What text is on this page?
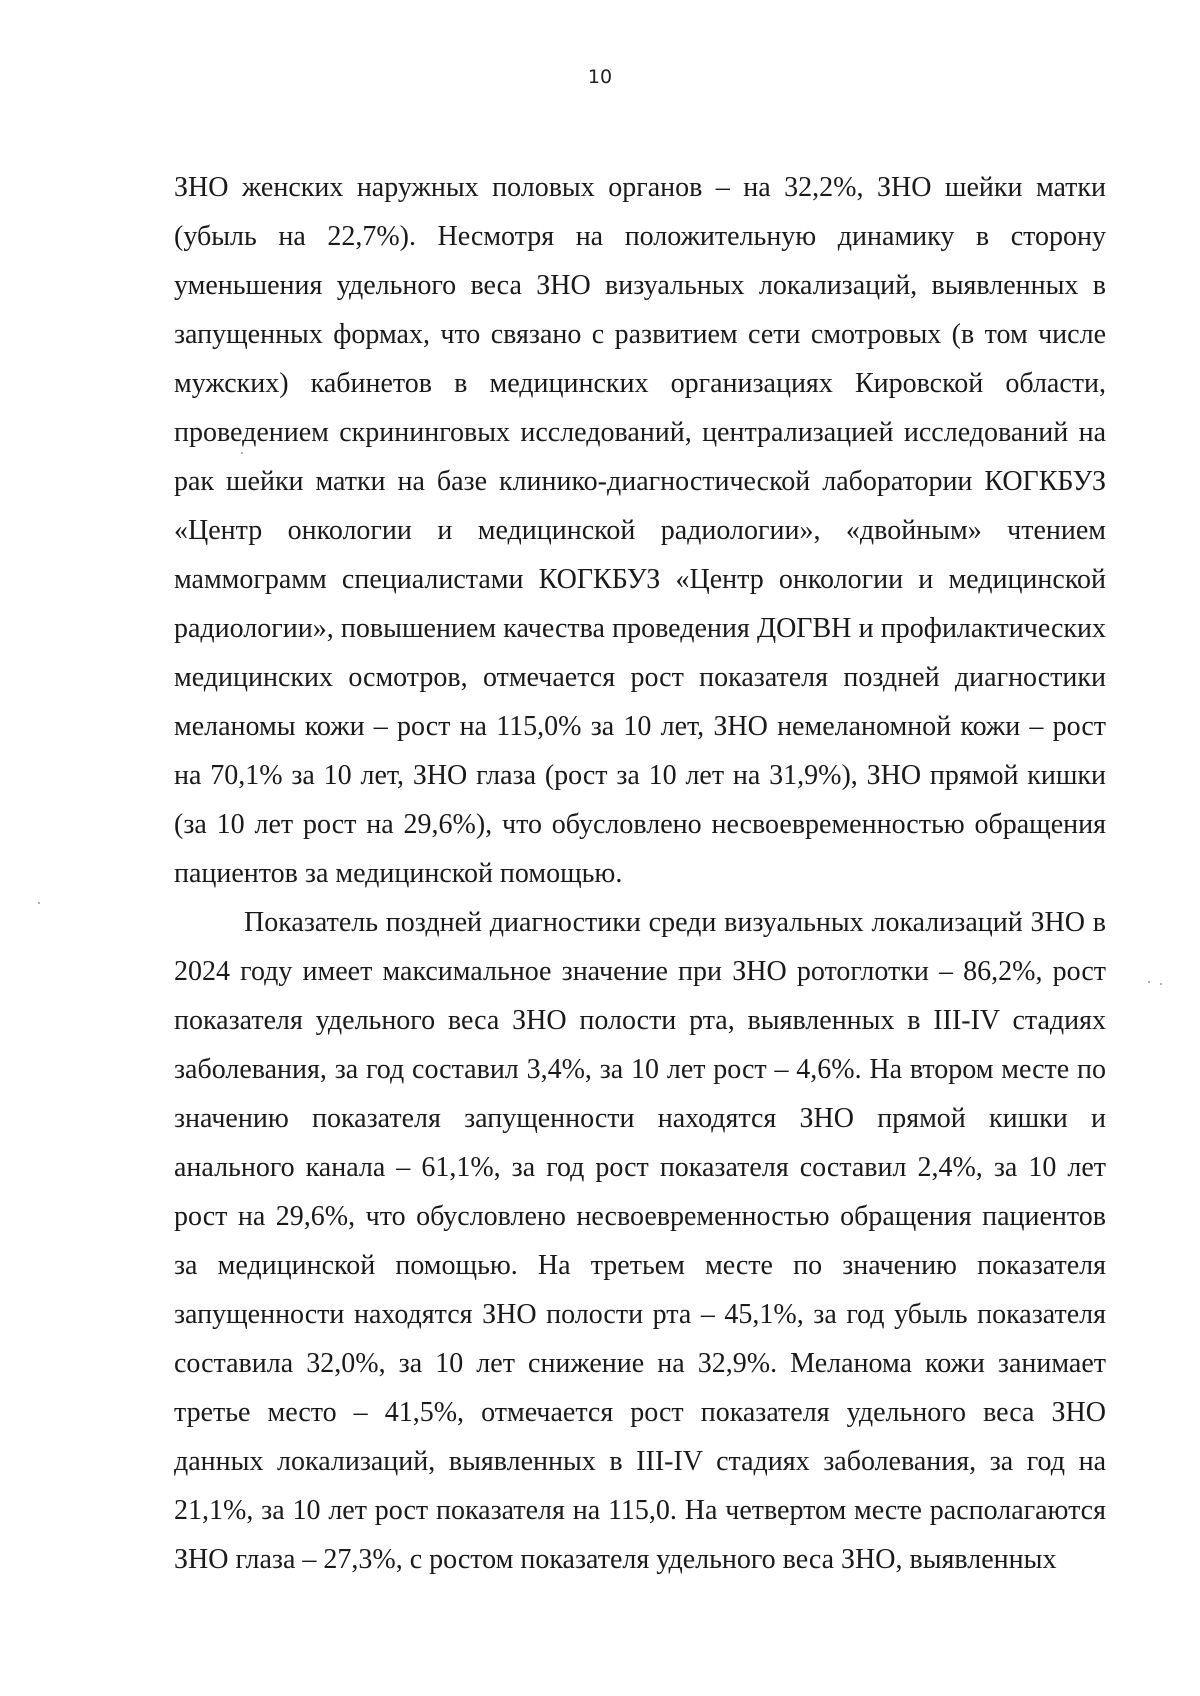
10

ЗНО женских наружных половых органов – на 32,2%, ЗНО шейки матки (убыль на 22,7%). Несмотря на положительную динамику в сторону уменьшения удельного веса ЗНО визуальных локализаций, выявленных в запущенных формах, что связано с развитием сети смотровых (в том числе мужских) кабинетов в медицинских организациях Кировской области, проведением скрининговых исследований, централизацией исследований на рак шейки матки на базе клинико-диагностической лаборатории КОГКБУЗ «Центр онкологии и медицинской радиологии», «двойным» чтением маммограмм специалистами КОГКБУЗ «Центр онкологии и медицинской радиологии», повышением качества проведения ДОГВН и профилактических медицинских осмотров, отмечается рост показателя поздней диагностики меланомы кожи – рост на 115,0% за 10 лет, ЗНО немеланомной кожи – рост на 70,1% за 10 лет, ЗНО глаза (рост за 10 лет на 31,9%), ЗНО прямой кишки (за 10 лет рост на 29,6%), что обусловлено несвоевременностью обращения пациентов за медицинской помощью.

Показатель поздней диагностики среди визуальных локализаций ЗНО в 2024 году имеет максимальное значение при ЗНО ротоглотки – 86,2%, рост показателя удельного веса ЗНО полости рта, выявленных в III-IV стадиях заболевания, за год составил 3,4%, за 10 лет рост – 4,6%. На втором месте по значению показателя запущенности находятся ЗНО прямой кишки и анального канала – 61,1%, за год рост показателя составил 2,4%, за 10 лет рост на 29,6%, что обусловлено несвоевременностью обращения пациентов за медицинской помощью. На третьем месте по значению показателя запущенности находятся ЗНО полости рта – 45,1%, за год убыль показателя составила 32,0%, за 10 лет снижение на 32,9%. Меланома кожи занимает третье место – 41,5%, отмечается рост показателя удельного веса ЗНО данных локализаций, выявленных в III-IV стадиях заболевания, за год на 21,1%, за 10 лет рост показателя на 115,0. На четвертом месте располагаются ЗНО глаза – 27,3%, с ростом показателя удельного веса ЗНО, выявленных
